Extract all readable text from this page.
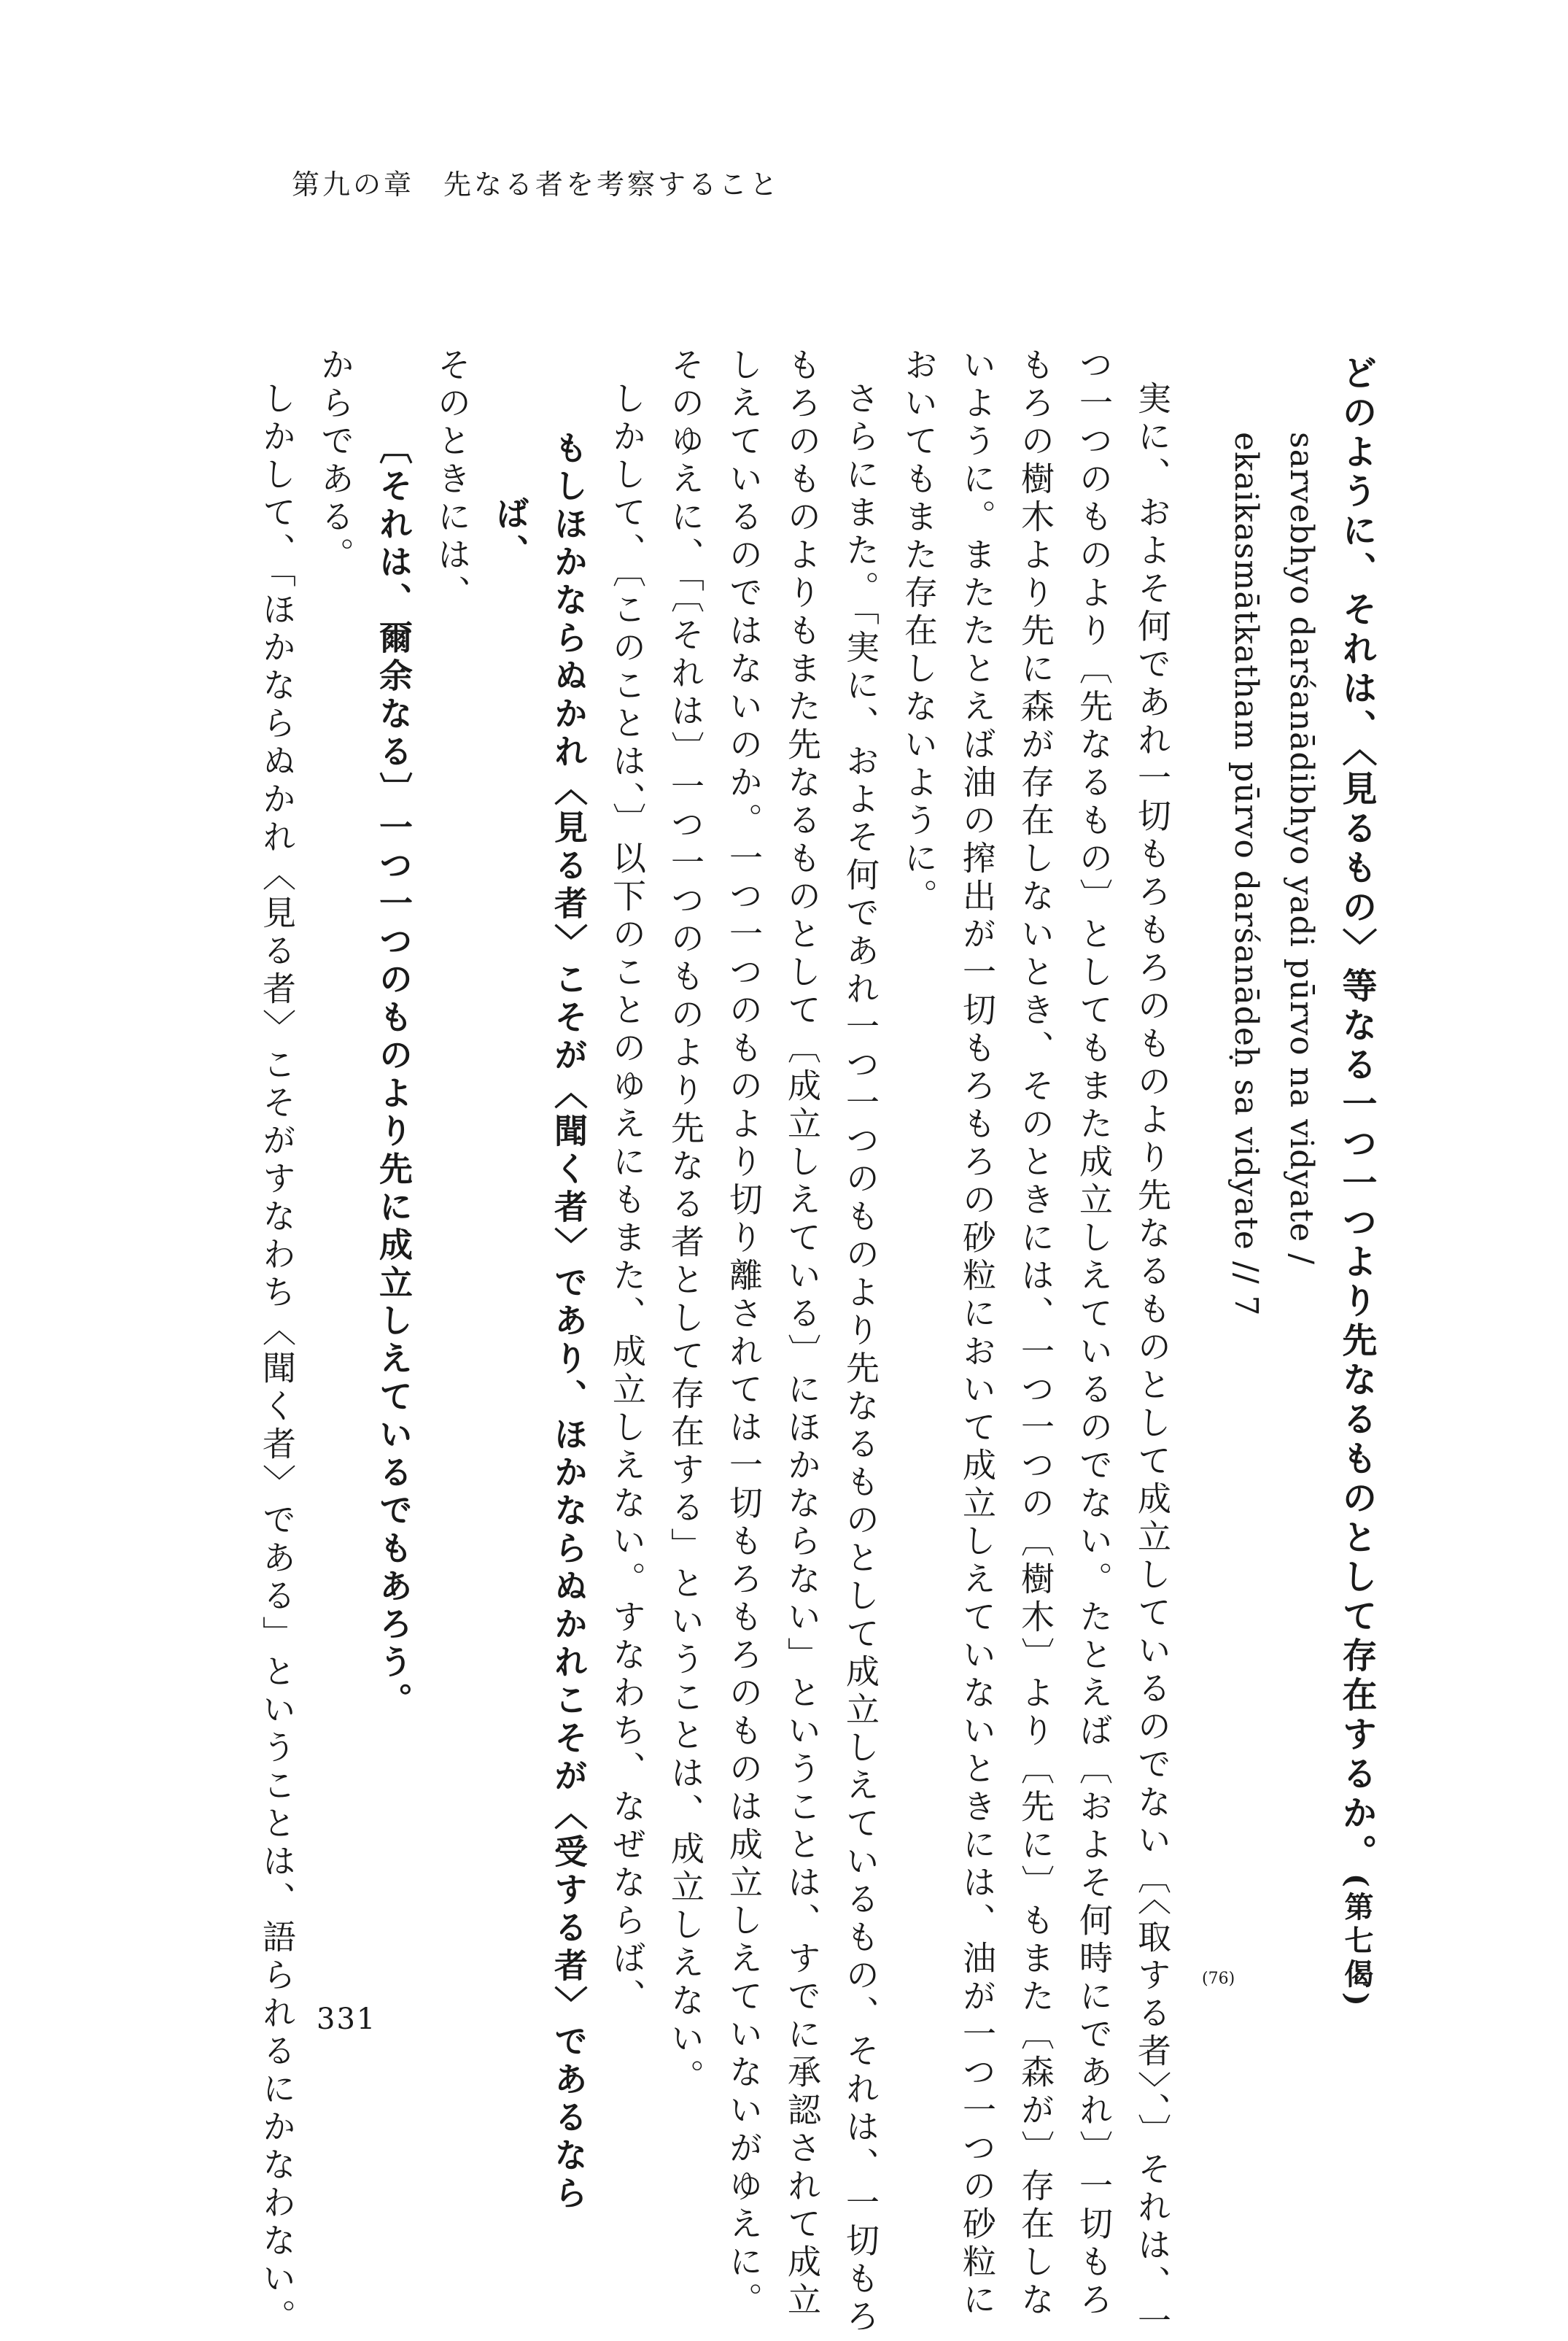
第九の章 先なる者を考察すること
どのように、それは、〈見るもの〉等なる一つ一つより先なるものとして存在するか。(第七偈)
sarvebhyo darśanādibhyo yadi pūrvo na vidyate /
ekaikasmātkatham pūrvo darśanādeḥ sa vidyate // 7
実に、およそ何であれ一切もろもろのものより先なるものとして成立しているのでない〔〈取する者〉、〕それは、一
つ一つのものより〔先なるもの〕としてもまた成立しえているのでない。たとえば〔およそ何時にであれ〕一切もろ
もろの樹木より先に森が存在しないとき、そのときには、一つ一つの〔樹木〕より〔先に〕もまた〔森が〕存在しな
いように。またたとえば油の搾出が一切もろもろの砂粒において成立しえていないときには、油が一つ一つの砂粒に
おいてもまた存在しないように。
さらにまた。「実に、およそ何であれ一つ一つのものより先なるものとして成立しえているもの、それは、一切もろ
もろのものよりもまた先なるものとして〔成立しえている〕にほかならない」ということは、すでに承認されて成立
しえているのではないのか。一つ一つのものより切り離されては一切もろもろのものは成立しえていないがゆえに。
そのゆえに、「〔それは〕一つ一つのものより先なる者として存在する」ということは、成立しえない。
しかして、〔このことは、〕以下のことのゆえにもまた、成立しえない。すなわち、なぜならば、
もしほかならぬかれ〈見る者〉こそが〈聞く者〉であり、ほかならぬかれこそが〈受する者〉であるなら
ば、
そのときには、
〔それは、爾余なる〕一つ一つのものより先に成立しえているでもあろう。
からである。
しかして、「ほかならぬかれ〈見る者〉こそがすなわち〈聞く者〉である」ということは、語られるにかなわない。	(76)
331
